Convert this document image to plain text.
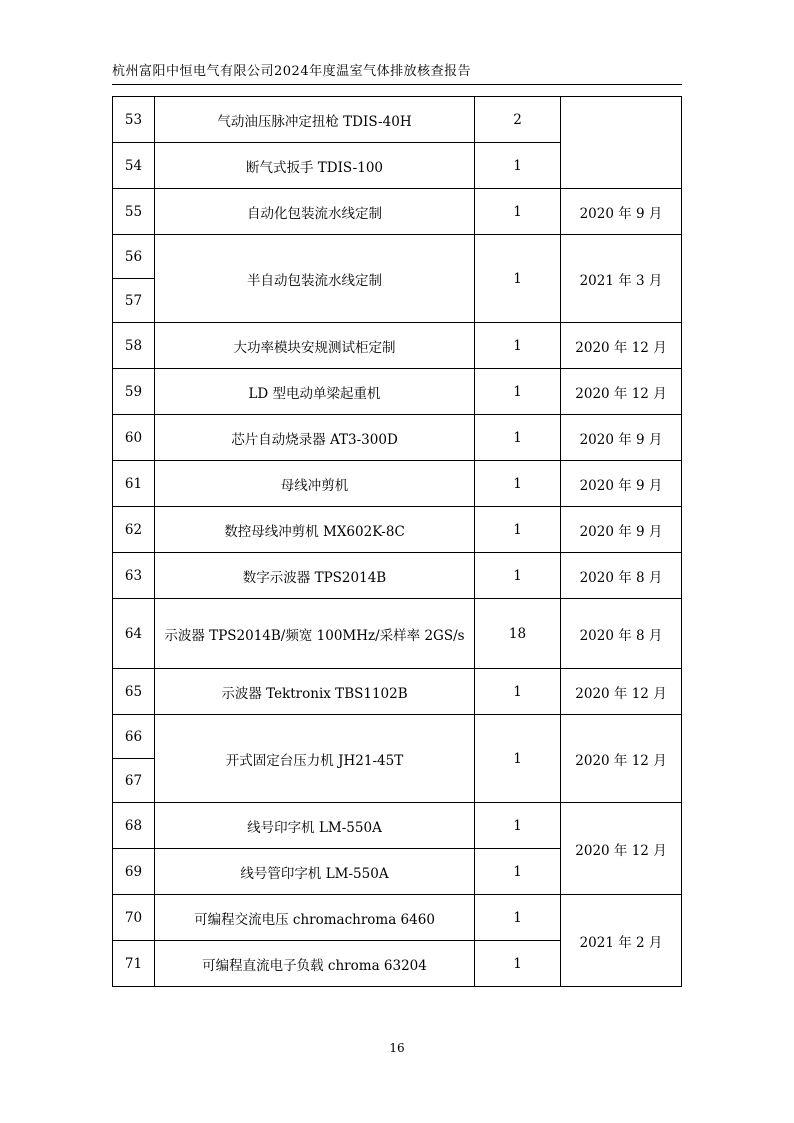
杭州富阳中恒电气有限公司2024年度温室气体排放核查报告
53	气动油压脉冲定扭枪 TDIS-40H	2	
54	断气式扳手 TDIS-100	1	
55	自动化包装流水线定制	1	2020 年 9 月
56	半自动包装流水线定制	1	2021 年 3 月
57			
58	大功率模块安规测试柜定制	1	2020 年 12 月
59	LD 型电动单梁起重机	1	2020 年 12 月
60	芯片自动烧录器 AT3-300D	1	2020 年 9 月
61	母线冲剪机	1	2020 年 9 月
62	数控母线冲剪机 MX602K-8C	1	2020 年 9 月
63	数字示波器 TPS2014B	1	2020 年 8 月
64	示波器 TPS2014B/频宽 100MHz/采样率 2GS/s	18	2020 年 8 月
65	示波器 Tektronix TBS1102B	1	2020 年 12 月
66	开式固定台压力机 JH21-45T	1	2020 年 12 月
67			
68	线号印字机 LM-550A	1	2020 年 12 月
69	线号管印字机 LM-550A	1	
70	可编程交流电压 chromachroma 6460	1	2021 年 2 月
71	可编程直流电子负载 chroma 63204	1	
16
